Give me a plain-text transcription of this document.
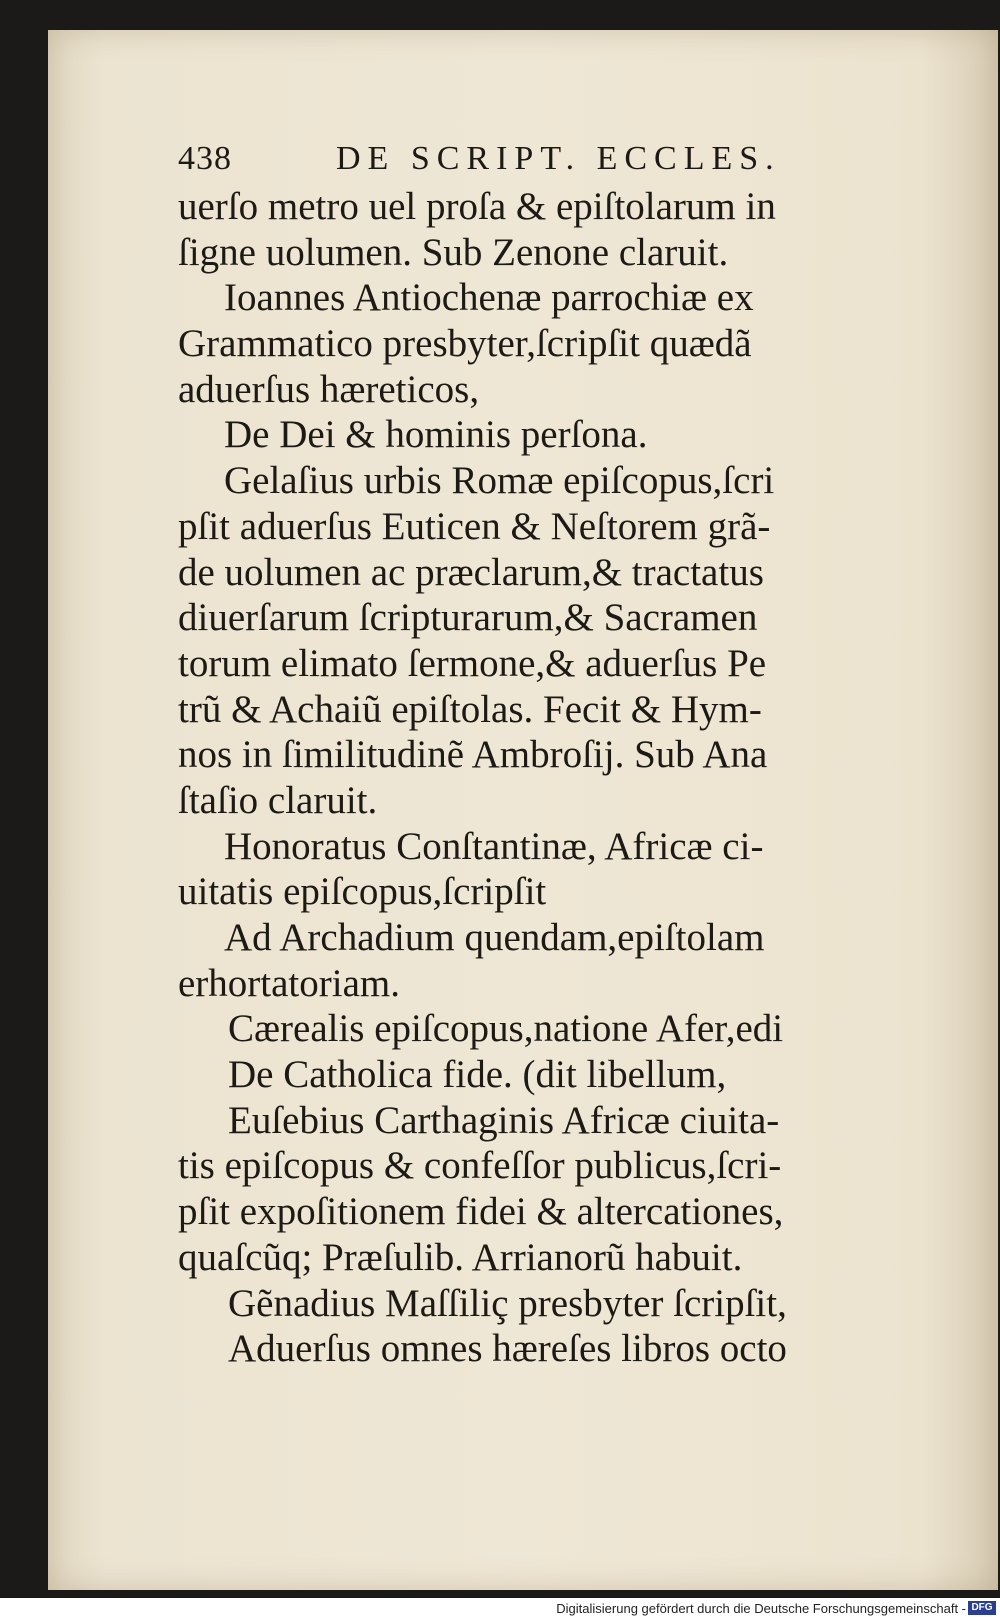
438	DE SCRIPT. ECCLES.
uerſo metro uel proſa & epiſtolarum in
ſigne uolumen. Sub Zenone claruit.
Ioannes Antiochenæ parrochiæ ex
Grammatico presbyter,ſcripſit quædã
aduerſus hæreticos,
De Dei & hominis perſona.
Gelaſius urbis Romæ epiſcopus,ſcri
pſit aduerſus Euticen & Neſtorem grã-
de uolumen ac præclarum,& tractatus
diuerſarum ſcripturarum,& Sacramen
torum elimato ſermone,& aduerſus Pe
trũ & Achaiũ epiſtolas. Fecit & Hym-
nos in ſimilitudinẽ Ambroſij. Sub Ana
ſtaſio claruit.
Honoratus Conſtantinæ, Africæ ci-
uitatis epiſcopus,ſcripſit
Ad Archadium quendam,epiſtolam
erhortatoriam.
Cærealis epiſcopus,natione Afer,edi
De Catholica fide. (dit libellum,
Euſebius Carthaginis Africæ ciuita-
tis epiſcopus & confeſſor publicus,ſcri-
pſit expoſitionem fidei & altercationes,
quaſcũq; Præſulib. Arrianorũ habuit.
Gẽnadius Maſſiliç presbyter ſcripſit,
Aduerſus omnes hæreſes libros octo
Digitalisierung gefördert durch die Deutsche Forschungsgemeinschaft - DFG
